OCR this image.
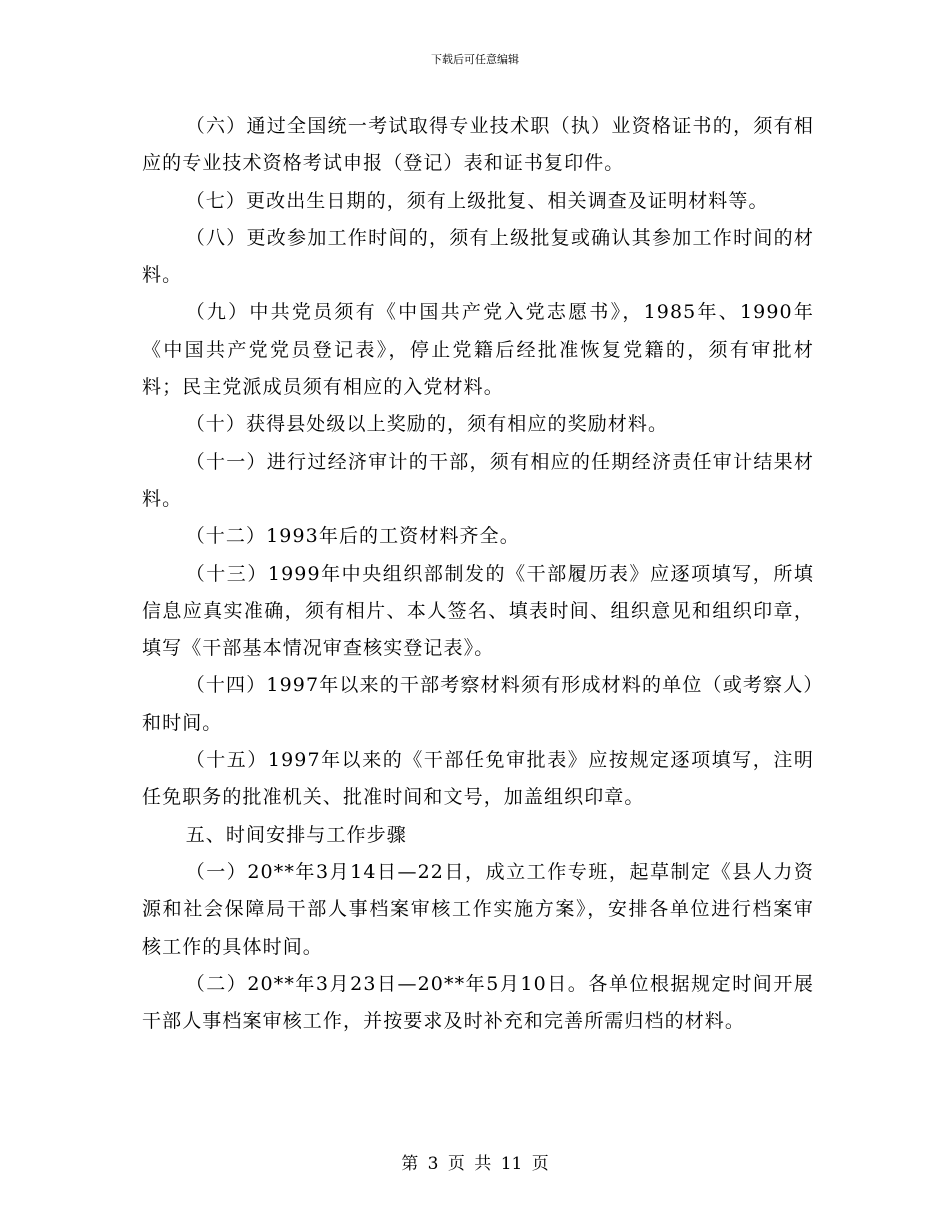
下载后可任意编辑

（六）通过全国统一考试取得专业技术职（执）业资格证书的，须有相应的专业技术资格考试申报（登记）表和证书复印件。

（七）更改出生日期的，须有上级批复、相关调查及证明材料等。

（八）更改参加工作时间的，须有上级批复或确认其参加工作时间的材料。

（九）中共党员须有《中国共产党入党志愿书》，1985年、1990年《中国共产党党员登记表》，停止党籍后经批准恢复党籍的，须有审批材料；民主党派成员须有相应的入党材料。

（十）获得县处级以上奖励的，须有相应的奖励材料。

（十一）进行过经济审计的干部，须有相应的任期经济责任审计结果材料。

（十二）1993年后的工资材料齐全。

（十三）1999年中央组织部制发的《干部履历表》应逐项填写，所填信息应真实准确，须有相片、本人签名、填表时间、组织意见和组织印章，填写《干部基本情况审查核实登记表》。

（十四）1997年以来的干部考察材料须有形成材料的单位（或考察人）和时间。

（十五）1997年以来的《干部任免审批表》应按规定逐项填写，注明任免职务的批准机关、批准时间和文号，加盖组织印章。

五、时间安排与工作步骤

（一）20**年3月14日—22日，成立工作专班，起草制定《县人力资源和社会保障局干部人事档案审核工作实施方案》，安排各单位进行档案审核工作的具体时间。

（二）20**年3月23日—20**年5月10日。各单位根据规定时间开展干部人事档案审核工作，并按要求及时补充和完善所需归档的材料。

第 3 页 共 11 页
